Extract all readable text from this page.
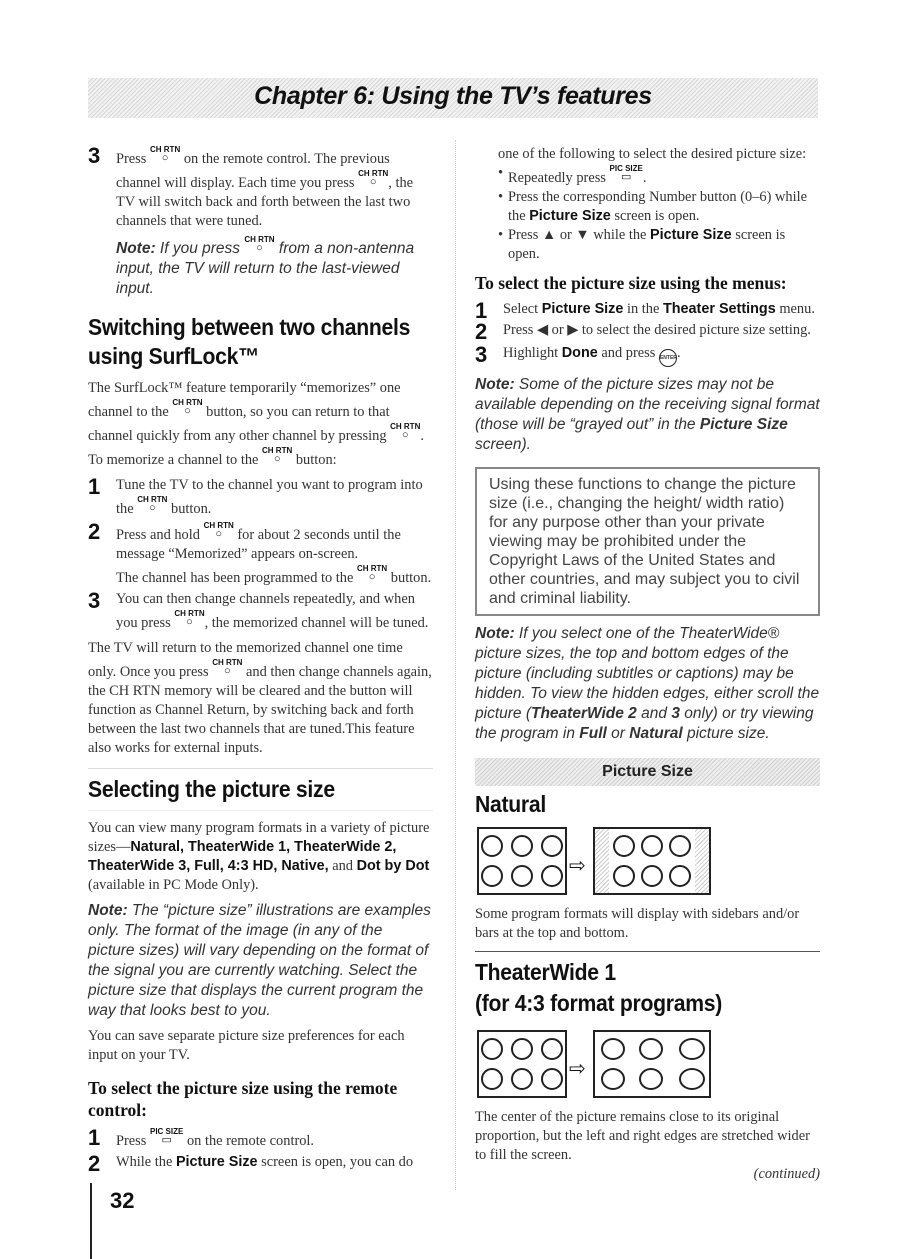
Chapter 6: Using the TV’s features
3 Press CH RTN
○	on the remote control. The previous channel will display. Each time you press CH RTN
○ , the TV will switch back and forth between the last two channels that were tuned.
Note: If you press CH RTN
○	from a non-antenna input, the TV will return to the last-viewed input.
Switching between two channels using SurfLock™
The SurfLock™ feature temporarily “memorizes” one channel to the CH RTN
○	button, so you can return to that channel quickly from any other channel by pressing CH RTN
○ . To memorize a channel to the CH RTN
○	button:
1 Tune the TV to the channel you want to program into the CH RTN
○	button.
2 Press and hold CH RTN
○	for about 2 seconds until the message “Memorized” appears on-screen.
The channel has been programmed to the CH RTN
○	button.
3 You can then change channels repeatedly, and when you press CH RTN
○ , the memorized channel will be tuned.
The TV will return to the memorized channel one time only. Once you press CH RTN
○	and then change channels again, the CH RTN memory will be cleared and the button will function as Channel Return, by switching back and forth between the last two channels that are tuned.This feature also works for external inputs.
Selecting the picture size
You can view many program formats in a variety of picture sizes—Natural, TheaterWide 1, TheaterWide 2, TheaterWide 3, Full, 4:3 HD, Native, and Dot by Dot (available in PC Mode Only).
Note: The “picture size” illustrations are examples only. The format of the image (in any of the picture sizes) will vary depending on the format of the signal you are currently watching. Select the picture size that displays the current program the way that looks best to you.
You can save separate picture size preferences for each input on your TV.
To select the picture size using the remote control:
1 Press PIC SIZE
▭	on the remote control.
2 While the Picture Size screen is open, you can do
one of the following to select the desired picture size:
• Repeatedly press PIC SIZE
▭ .
• Press the corresponding Number button (0–6) while the Picture Size screen is open.
• Press ▲ or ▼ while the Picture Size screen is open.
To select the picture size using the menus:
1 Select Picture Size in the Theater Settings menu.
2 Press ◀ or ▶ to select the desired picture size setting.
3 Highlight Done and press ENTER.
Note: Some of the picture sizes may not be available depending on the receiving signal format (those will be “grayed out” in the Picture Size screen).
Using these functions to change the picture size (i.e., changing the height/ width ratio) for any purpose other than your private viewing may be prohibited under the Copyright Laws of the United States and other countries, and may subject you to civil and criminal liability.
Note: If you select one of the TheaterWide® picture sizes, the top and bottom edges of the picture (including subtitles or captions) may be hidden. To view the hidden edges, either scroll the picture (TheaterWide 2 and 3 only) or try viewing the program in Full or Natural picture size.
Picture Size
Natural
⇨
Some program formats will display with sidebars and/or bars at the top and bottom.
TheaterWide 1
(for 4:3 format programs)
⇨
The center of the picture remains close to its original proportion, but the left and right edges are stretched wider to fill the screen.
(continued)
32
